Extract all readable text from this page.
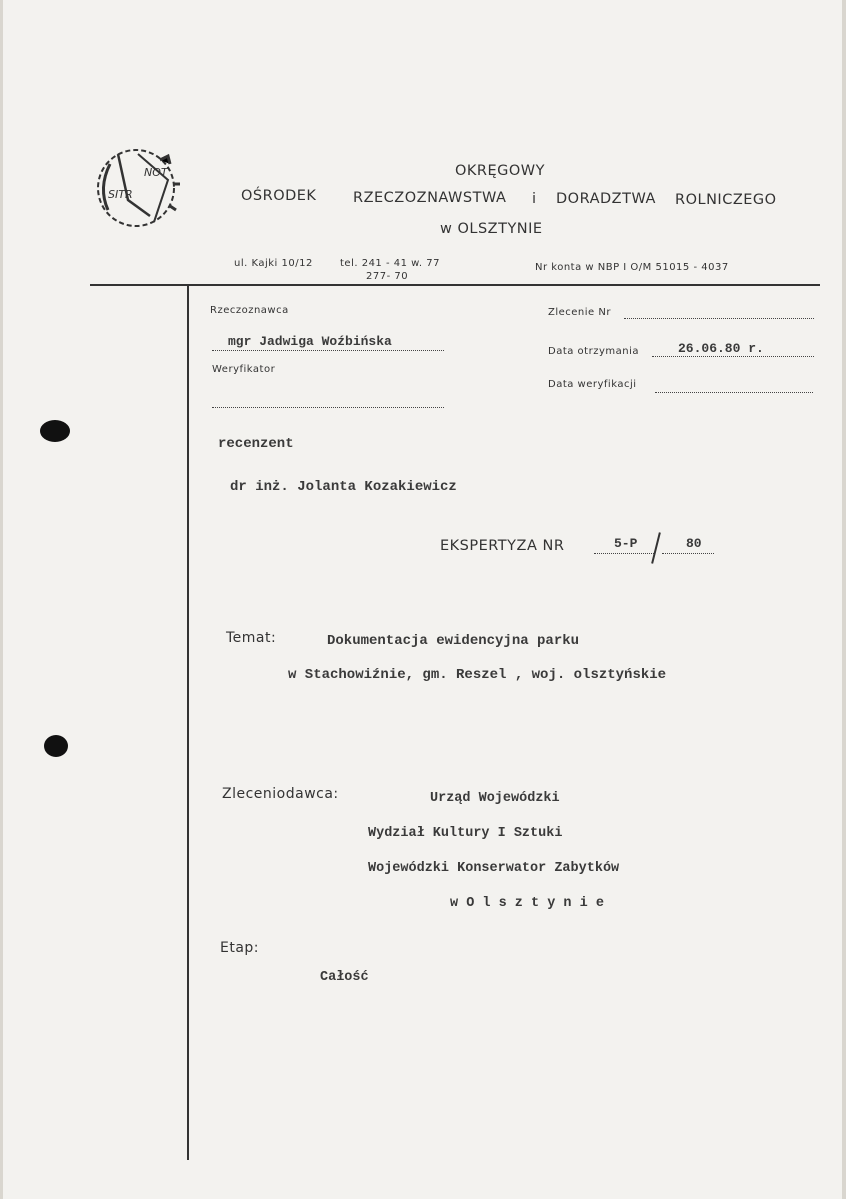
SITR
NOT	OKRĘGOWY
OŚRODEK	RZECZOZNAWSTWA i DORADZTWA ROLNICZEGO
w OLSZTYNIE
ul. Kajki 10/12	tel. 241 - 41 w. 77
277- 70
Nr konta w NBP I O/M 51015 - 4037
Rzeczoznawca
mgr Jadwiga Woźbińska
Weryfikator
Zlecenie Nr
Data otrzymania	26.06.80 r.
Data weryfikacji
recenzent
dr inż. Jolanta Kozakiewicz
EKSPERTYZA NR	5-P	80
Temat:	Dokumentacja ewidencyjna parku
w Stachowiźnie, gm. Reszel , woj. olsztyńskie
Zleceniodawca:	Urząd Wojewódzki
Wydział Kultury I Sztuki
Wojewódzki Konserwator Zabytków
w O l s z t y n i e
Etap:
Całość
